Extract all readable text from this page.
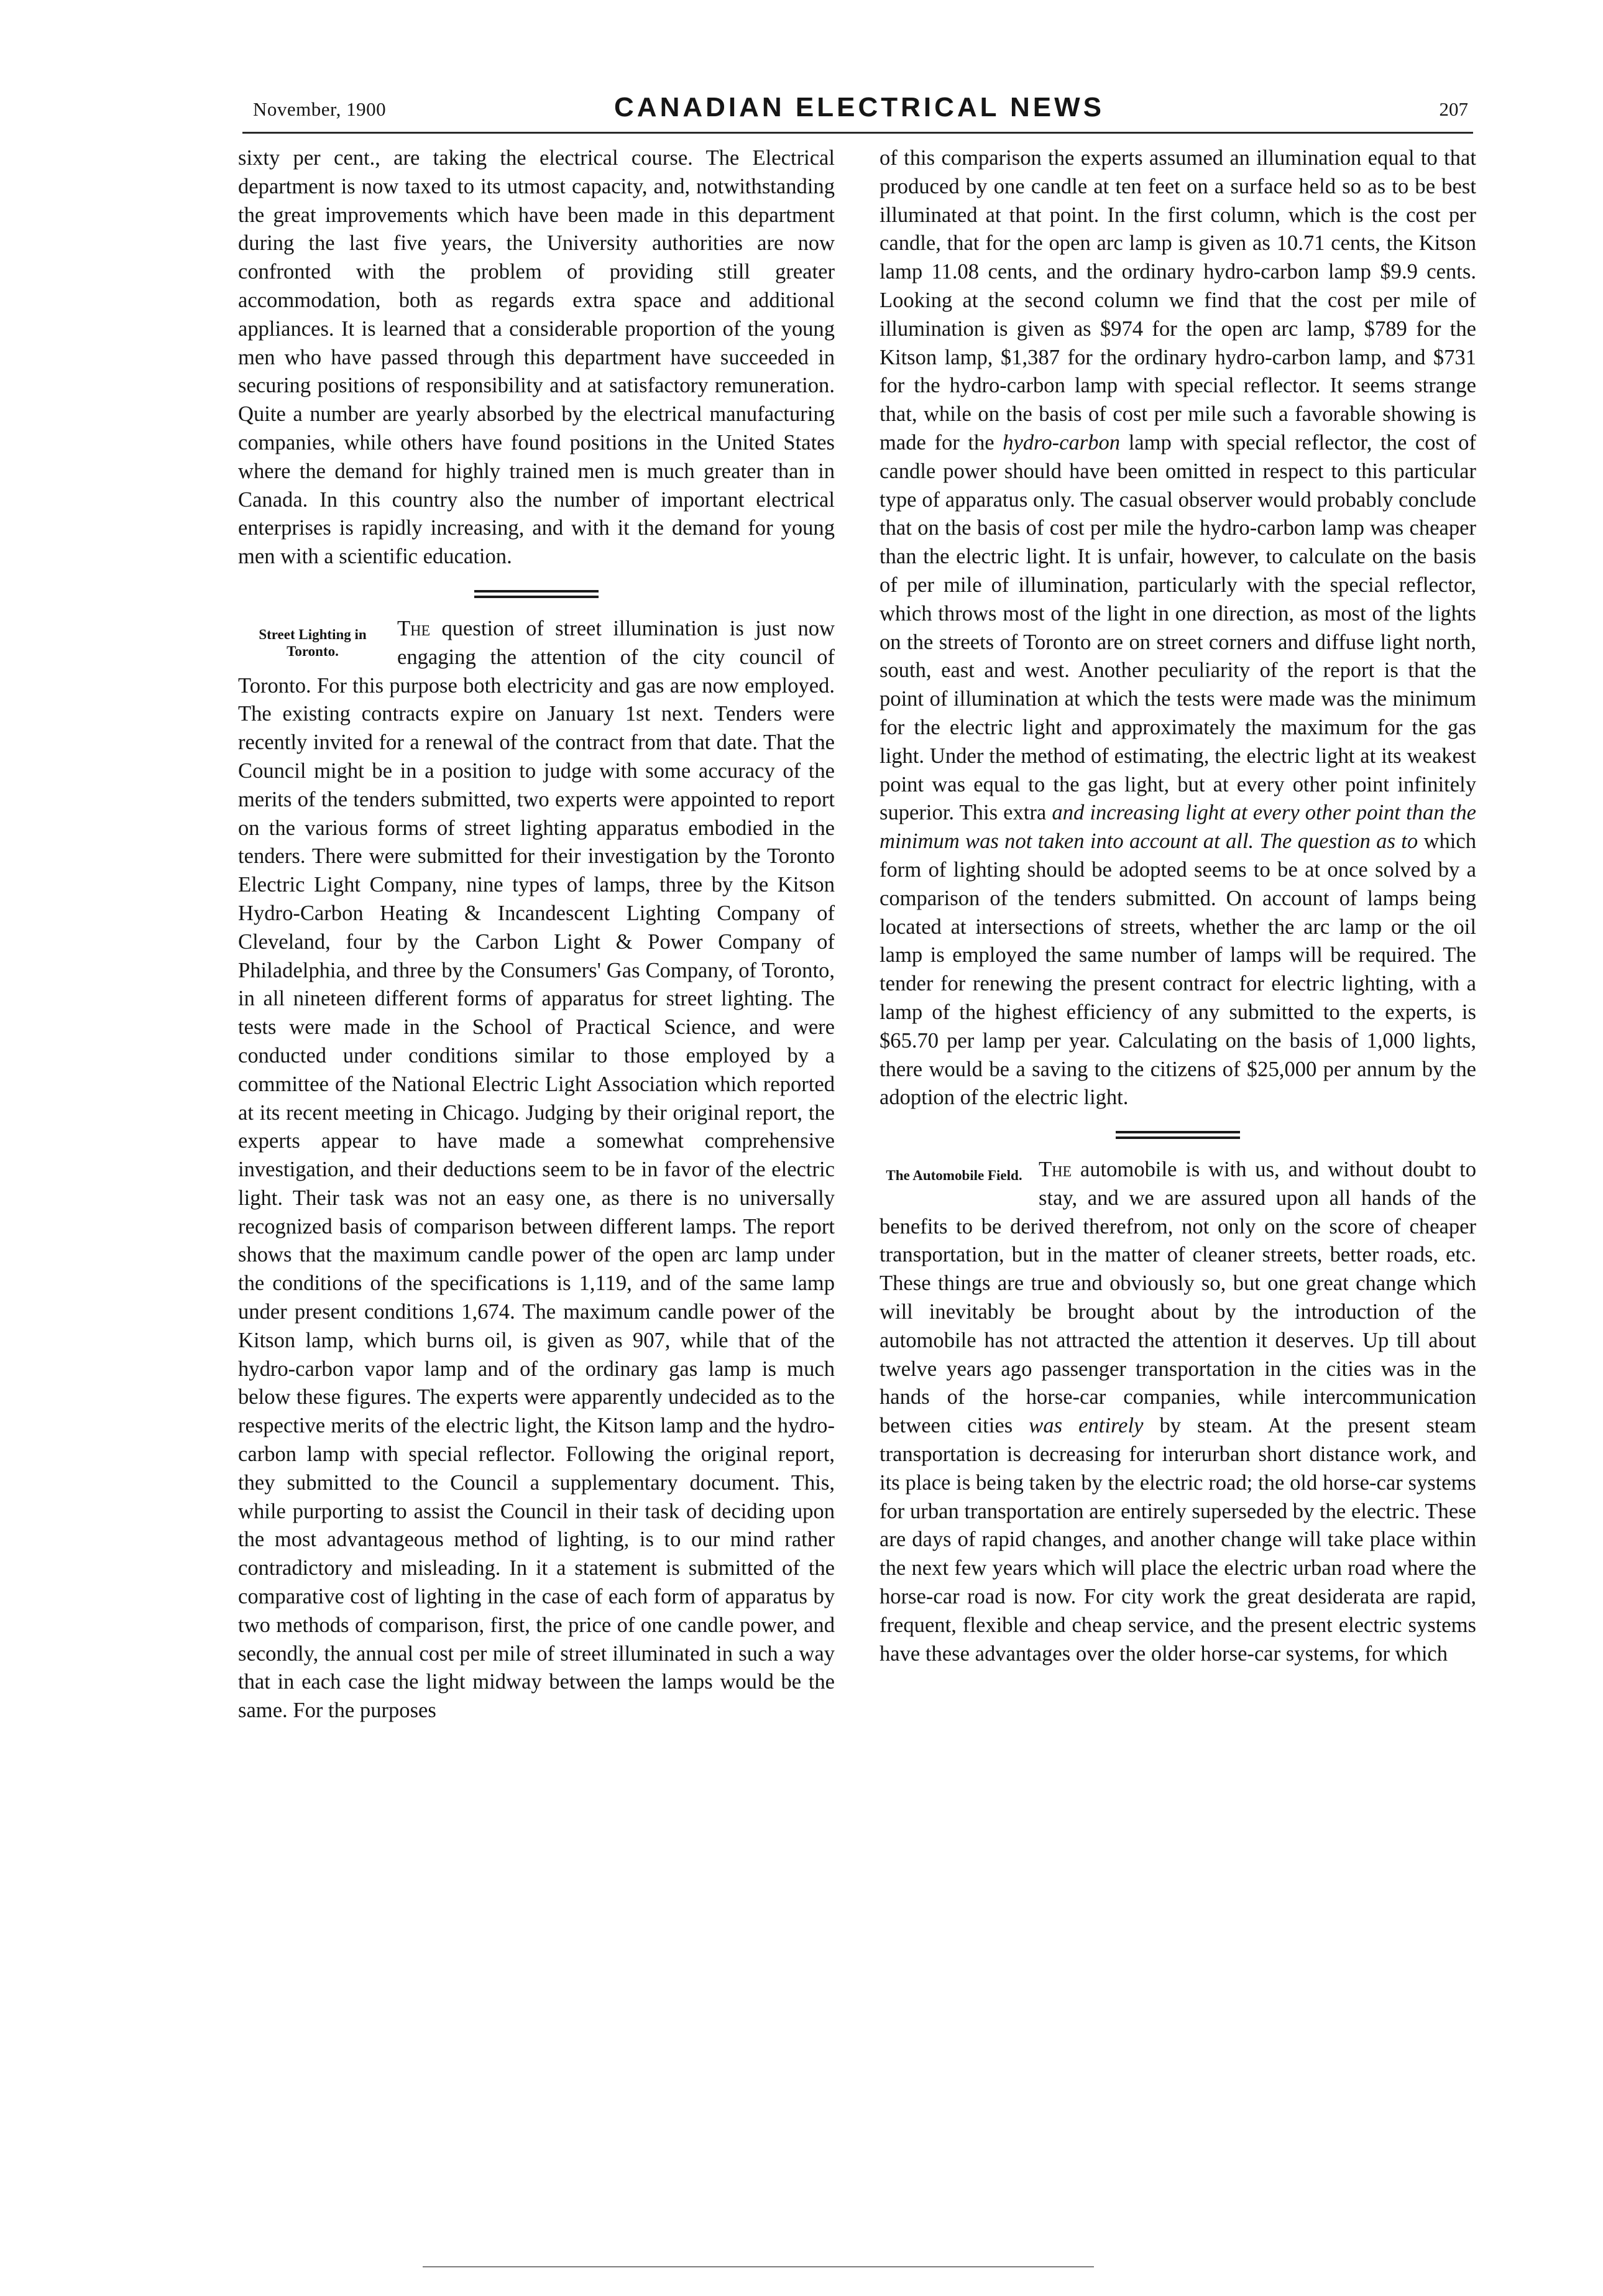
November, 1900	CANADIAN ELECTRICAL NEWS	207

sixty per cent., are taking the electrical course. The Electrical department is now taxed to its utmost capacity, and, notwithstanding the great improvements which have been made in this department during the last five years, the University authorities are now confronted with the problem of providing still greater accommodation, both as regards extra space and additional appliances. It is learned that a considerable proportion of the young men who have passed through this department have succeeded in securing positions of responsibility and at satisfactory remuneration. Quite a number are yearly absorbed by the electrical manufacturing companies, while others have found positions in the United States where the demand for highly trained men is much greater than in Canada. In this country also the number of important electrical enterprises is rapidly increasing, and with it the demand for young men with a scientific education.

Street Lighting in Toronto.

The question of street illumination is just now engaging the attention of the city council of Toronto. For this purpose both electricity and gas are now employed. The existing contracts expire on January 1st next. Tenders were recently invited for a renewal of the contract from that date. That the Council might be in a position to judge with some accuracy of the merits of the tenders submitted, two experts were appointed to report on the various forms of street lighting apparatus embodied in the tenders. There were submitted for their investigation by the Toronto Electric Light Company, nine types of lamps, three by the Kitson Hydro-Carbon Heating & Incandescent Lighting Company of Cleveland, four by the Carbon Light & Power Company of Philadelphia, and three by the Consumers' Gas Company, of Toronto, in all nineteen different forms of apparatus for street lighting. The tests were made in the School of Practical Science, and were conducted under conditions similar to those employed by a committee of the National Electric Light Association which reported at its recent meeting in Chicago. Judging by their original report, the experts appear to have made a somewhat comprehensive investigation, and their deductions seem to be in favor of the electric light. Their task was not an easy one, as there is no universally recognized basis of comparison between different lamps. The report shows that the maximum candle power of the open arc lamp under the conditions of the specifications is 1,119, and of the same lamp under present conditions 1,674. The maximum candle power of the Kitson lamp, which burns oil, is given as 907, while that of the hydro-carbon vapor lamp and of the ordinary gas lamp is much below these figures. The experts were apparently undecided as to the respective merits of the electric light, the Kitson lamp and the hydro-carbon lamp with special reflector. Following the original report, they submitted to the Council a supplementary document. This, while purporting to assist the Council in their task of deciding upon the most advantageous method of lighting, is to our mind rather contradictory and misleading. In it a statement is submitted of the comparative cost of lighting in the case of each form of apparatus by two methods of comparison, first, the price of one candle power, and secondly, the annual cost per mile of street illuminated in such a way that in each case the light midway between the lamps would be the same. For the purposes

of this comparison the experts assumed an illumination equal to that produced by one candle at ten feet on a surface held so as to be best illuminated at that point. In the first column, which is the cost per candle, that for the open arc lamp is given as 10.71 cents, the Kitson lamp 11.08 cents, and the ordinary hydro-carbon lamp $9.9 cents. Looking at the second column we find that the cost per mile of illumination is given as $974 for the open arc lamp, $789 for the Kitson lamp, $1,387 for the ordinary hydro-carbon lamp, and $731 for the hydro-carbon lamp with special reflector. It seems strange that, while on the basis of cost per mile such a favorable showing is made for the hydro-carbon lamp with special reflector, the cost of candle power should have been omitted in respect to this particular type of apparatus only. The casual observer would probably conclude that on the basis of cost per mile the hydro-carbon lamp was cheaper than the electric light. It is unfair, however, to calculate on the basis of per mile of illumination, particularly with the special reflector, which throws most of the light in one direction, as most of the lights on the streets of Toronto are on street corners and diffuse light north, south, east and west. Another peculiarity of the report is that the point of illumination at which the tests were made was the minimum for the electric light and approximately the maximum for the gas light. Under the method of estimating, the electric light at its weakest point was equal to the gas light, but at every other point infinitely superior. This extra and increasing light at every other point than the minimum was not taken into account at all. The question as to which form of lighting should be adopted seems to be at once solved by a comparison of the tenders submitted. On account of lamps being located at intersections of streets, whether the arc lamp or the oil lamp is employed the same number of lamps will be required. The tender for renewing the present contract for electric lighting, with a lamp of the highest efficiency of any submitted to the experts, is $65.70 per lamp per year. Calculating on the basis of 1,000 lights, there would be a saving to the citizens of $25,000 per annum by the adoption of the electric light.

The Automobile Field. The automobile is with us, and without doubt to stay, and we are assured upon all hands of the benefits to be derived therefrom, not only on the score of cheaper transportation, but in the matter of cleaner streets, better roads, etc. These things are true and obviously so, but one great change which will inevitably be brought about by the introduction of the automobile has not attracted the attention it deserves. Up till about twelve years ago passenger transportation in the cities was in the hands of the horse-car companies, while intercommunication between cities was entirely by steam. At the present steam transportation is decreasing for interurban short distance work, and its place is being taken by the electric road; the old horse-car systems for urban transportation are entirely superseded by the electric. These are days of rapid changes, and another change will take place within the next few years which will place the electric urban road where the horse-car road is now. For city work the great desiderata are rapid, frequent, flexible and cheap service, and the present electric systems have these advantages over the older horse-car systems, for which
